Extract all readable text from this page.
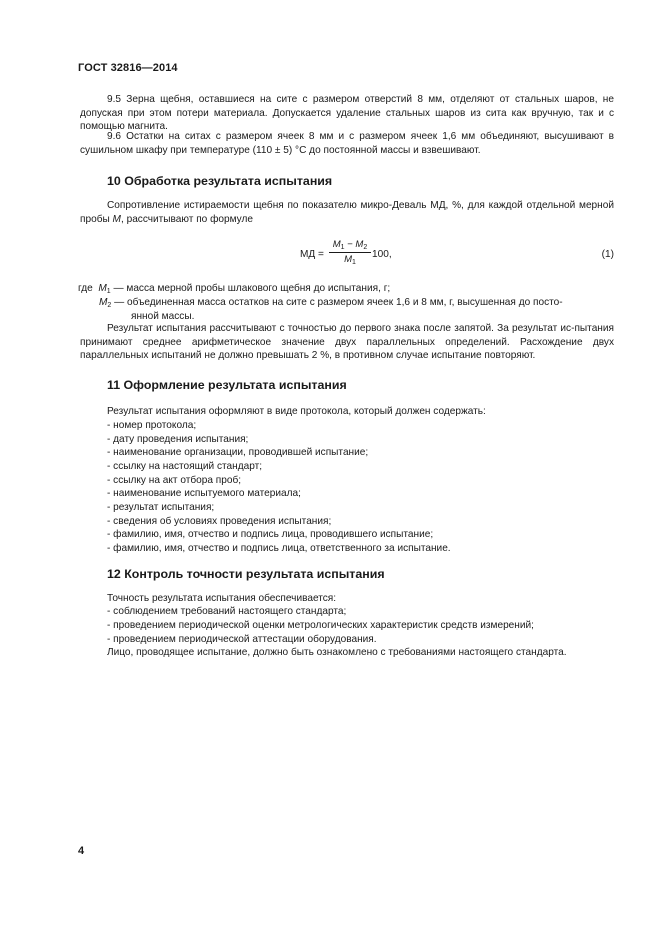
ГОСТ 32816—2014
9.5 Зерна щебня, оставшиеся на сите с размером отверстий 8 мм, отделяют от стальных шаров, не допуская при этом потери материала. Допускается удаление стальных шаров из сита как вручную, так и с помощью магнита.
9.6 Остатки на ситах с размером ячеек 8 мм и с размером ячеек 1,6 мм объединяют, высушивают в сушильном шкафу при температуре (110 ± 5) °С до постоянной массы и взвешивают.
10 Обработка результата испытания
Сопротивление истираемости щебня по показателю микро-Деваль МД, %, для каждой отдельной мерной пробы М, рассчитывают по формуле
МД =
$М_1 - М_2$
$М_1$
100,	(1)
где $М_1$ — масса мерной пробы шлакового щебня до испытания, г;
$М_2$ — объединенная масса остатков на сите с размером ячеек 1,6 и 8 мм, г, высушенная до посто-
янной массы.
Результат испытания рассчитывают с точностью до первого знака после запятой. За результат ис-пытания принимают среднее арифметическое значение двух параллельных определений. Расхождение двух параллельных испытаний не должно превышать 2 %, в противном случае испытание повторяют.
11 Оформление результата испытания
Результат испытания оформляют в виде протокола, который должен содержать:
- номер протокола;
- дату проведения испытания;
- наименование организации, проводившей испытание;
- ссылку на настоящий стандарт;
- ссылку на акт отбора проб;
- наименование испытуемого материала;
- результат испытания;
- сведения об условиях проведения испытания;
- фамилию, имя, отчество и подпись лица, проводившего испытание;
- фамилию, имя, отчество и подпись лица, ответственного за испытание.
12 Контроль точности результата испытания
Точность результата испытания обеспечивается:
- соблюдением требований настоящего стандарта;
- проведением периодической оценки метрологических характеристик средств измерений;
- проведением периодической аттестации оборудования.
Лицо, проводящее испытание, должно быть ознакомлено с требованиями настоящего стандарта.
4
